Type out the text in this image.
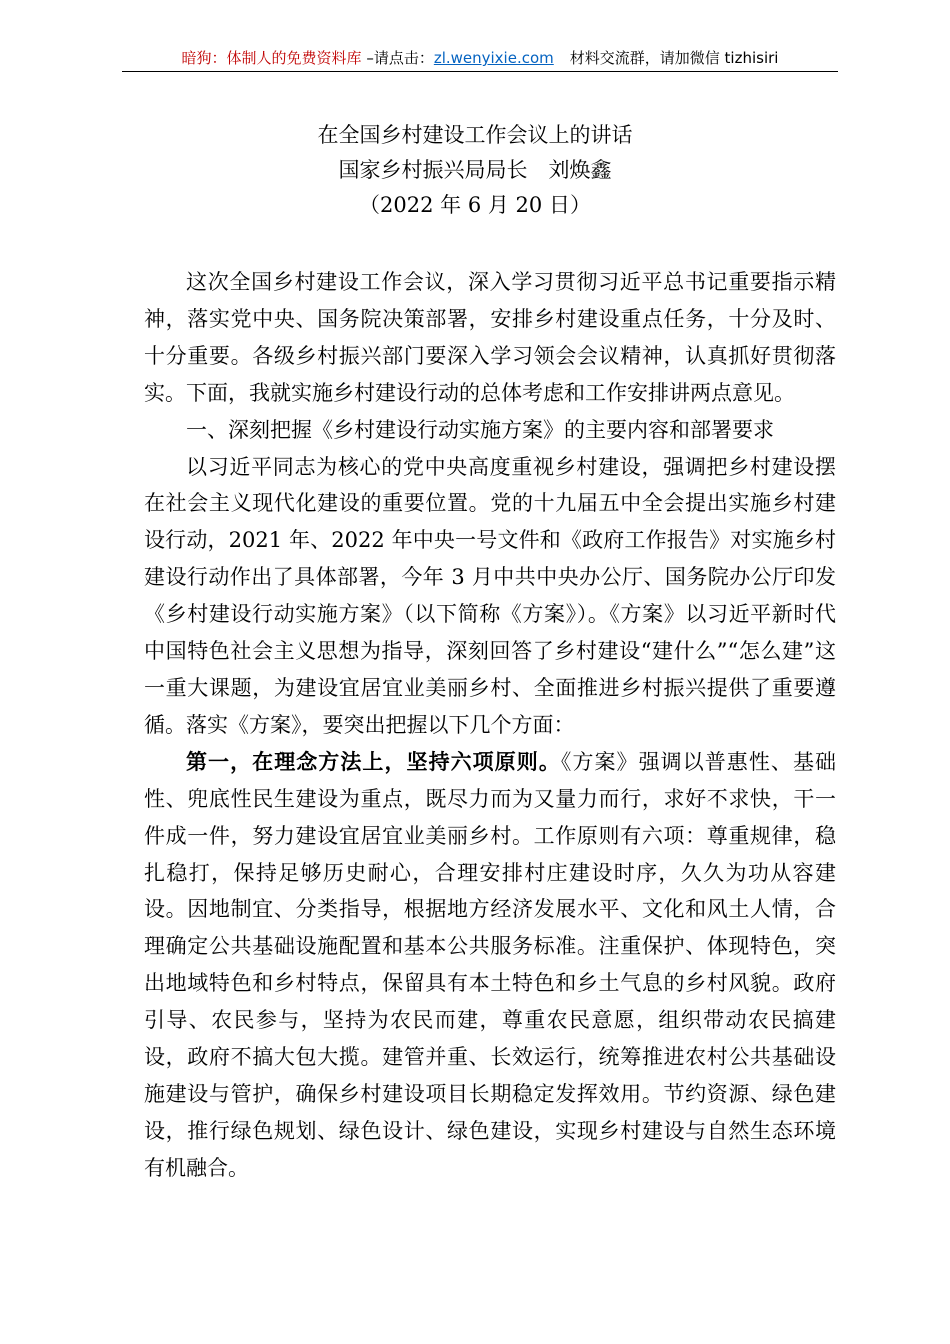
暗狗：体制人的免费资料库 –请点击：zl.wenyixie.com 材料交流群，请加微信 tizhisiri
在全国乡村建设工作会议上的讲话
国家乡村振兴局局长　刘焕鑫
（2022 年 6 月 20 日）

这次全国乡村建设工作会议，深入学习贯彻习近平总书记重要指示精神，落实党中央、国务院决策部署，安排乡村建设重点任务，十分及时、十分重要。各级乡村振兴部门要深入学习领会会议精神，认真抓好贯彻落实。下面，我就实施乡村建设行动的总体考虑和工作安排讲两点意见。

一、深刻把握《乡村建设行动实施方案》的主要内容和部署要求

以习近平同志为核心的党中央高度重视乡村建设，强调把乡村建设摆在社会主义现代化建设的重要位置。党的十九届五中全会提出实施乡村建设行动，2021 年、2022 年中央一号文件和《政府工作报告》对实施乡村建设行动作出了具体部署，今年 3 月中共中央办公厅、国务院办公厅印发《乡村建设行动实施方案》（以下简称《方案》）。《方案》以习近平新时代中国特色社会主义思想为指导，深刻回答了乡村建设“建什么”“怎么建”这一重大课题，为建设宜居宜业美丽乡村、全面推进乡村振兴提供了重要遵循。落实《方案》，要突出把握以下几个方面：

第一，在理念方法上，坚持六项原则。《方案》强调以普惠性、基础性、兜底性民生建设为重点，既尽力而为又量力而行，求好不求快，干一件成一件，努力建设宜居宜业美丽乡村。工作原则有六项：尊重规律，稳扎稳打，保持足够历史耐心，合理安排村庄建设时序，久久为功从容建设。因地制宜、分类指导，根据地方经济发展水平、文化和风土人情，合理确定公共基础设施配置和基本公共服务标准。注重保护、体现特色，突出地域特色和乡村特点，保留具有本土特色和乡土气息的乡村风貌。政府引导、农民参与，坚持为农民而建，尊重农民意愿，组织带动农民搞建设，政府不搞大包大揽。建管并重、长效运行，统筹推进农村公共基础设施建设与管护，确保乡村建设项目长期稳定发挥效用。节约资源、绿色建设，推行绿色规划、绿色设计、绿色建设，实现乡村建设与自然生态环境有机融合。
